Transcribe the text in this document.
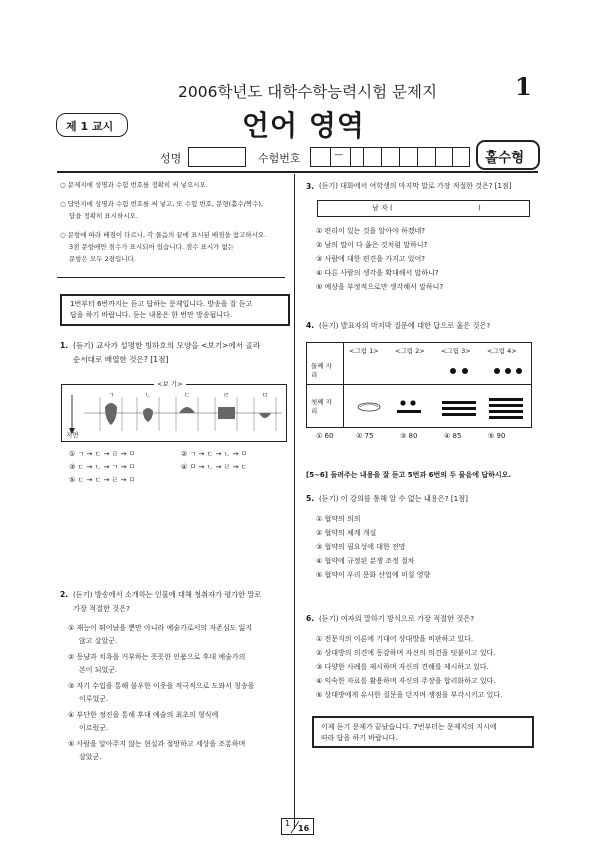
2006학년도 대학수학능력시험 문제지	1
제 1 교시	언어 영역
성명	수험번호	—	홀수형
○ 문제지에 성명과 수험 번호를 정확히 써 넣으시오.
○ 답안지에 성명과 수험 번호를 써 넣고, 또 수험 번호, 문형(홀수/짝수),
답을 정확히 표시하시오.
○ 문항에 따라 배점이 다르니, 각 물음의 끝에 표시된 배점을 참고하시오.
3점 문항에만 점수가 표시되어 있습니다. 점수 표시가 없는
문항은 모두 2점입니다.
1번부터 6번까지는 듣고 답하는 문제입니다. 방송을 잘 듣고
답을 하기 바랍니다. 듣는 내용은 한 번만 방송됩니다.
1. (듣기) 교사가 설명한 빙하호의 모양을 <보기>에서 골라
순서대로 배열한 것은? [1점]
<보 기>
ㄱ	ㄴ	ㄷ	ㄹ	ㅁ
지면
① ㄱ → ㄷ → ㄹ → ㅁ	② ㄱ → ㄷ → ㄴ → ㅁ
③ ㄷ → ㄴ → ㄱ → ㅁ	④ ㅁ → ㄴ → ㄹ → ㄷ
⑤ ㄷ → ㄷ → ㄹ → ㅁ
2. (듣기) 방송에서 소개하는 인물에 대해 청취자가 평가한 말로
가장 적절한 것은?
① 재능이 뛰어났을 뿐만 아니라 예술가로서의 자존심도 잃지
않고 살았군.
② 동냥과 치욕을 거부하는 꼿꼿한 인품으로 후대 예술가의
본이 되었군.
③ 자기 수입을 통해 불우한 이웃을 적극적으로 도와서 칭송을
이루었군.
④ 부단한 정진을 통해 후대 예술의 최초의 형식에
이르렀군.
⑤ 사람을 알아주지 않는 현실과 절망하고 세상을 조롱하며
살았군.
3. (듣기) 대화에서 여학생의 마지막 말로 가장 적절한 것은? [1점]
남 자 (	)
① 편리이 있는 것을 알아야 하겠네?
② 남의 말이 다 옳은 것처럼 말하니?
③ 사람에 대한 편견을 가지고 있어?
④ 다른 사람의 생각을 확대해서 말하니?
⑤ 예상을 부정적으로만 생각해서 말하니?
4. (듣기) 발표자의 마지막 질문에 대한 답으로 옳은 것은?
<그림 1>	<그림 2>	<그림 3>	<그림 4>
둘째 자리
첫째 자리
① 60	② 75	③ 80	④ 85	⑤ 90
[5~6] 들려주는 내용을 잘 듣고 5번과 6번의 두 물음에 답하시오.
5. (듣기) 이 강의를 통해 알 수 없는 내용은? [1점]
① 협약의 의의
② 협약의 체계 개설
③ 협약의 필요성에 대한 전망
④ 협약에 규정된 분쟁 조정 절차
⑤ 협약이 우리 문화 산업에 미칠 영향
6. (듣기) 여자의 말하기 방식으로 가장 적절한 것은?
① 전문지의 이론에 기대어 상대방을 비판하고 있다.
② 상대방의 의견에 동감하며 자신의 의견을 덧붙이고 있다.
③ 다양한 사례를 제시하며 자신의 견해를 제시하고 있다.
④ 익숙한 자료를 활용하며 자신의 주장을 합리화하고 있다.
⑤ 상대방에게 유사한 질문을 던지며 쟁점을 부각시키고 있다.
이제 듣기 문제가 끝났습니다. 7번부터는 문제지의 지시에
따라 답을 하기 바랍니다.
1
16
